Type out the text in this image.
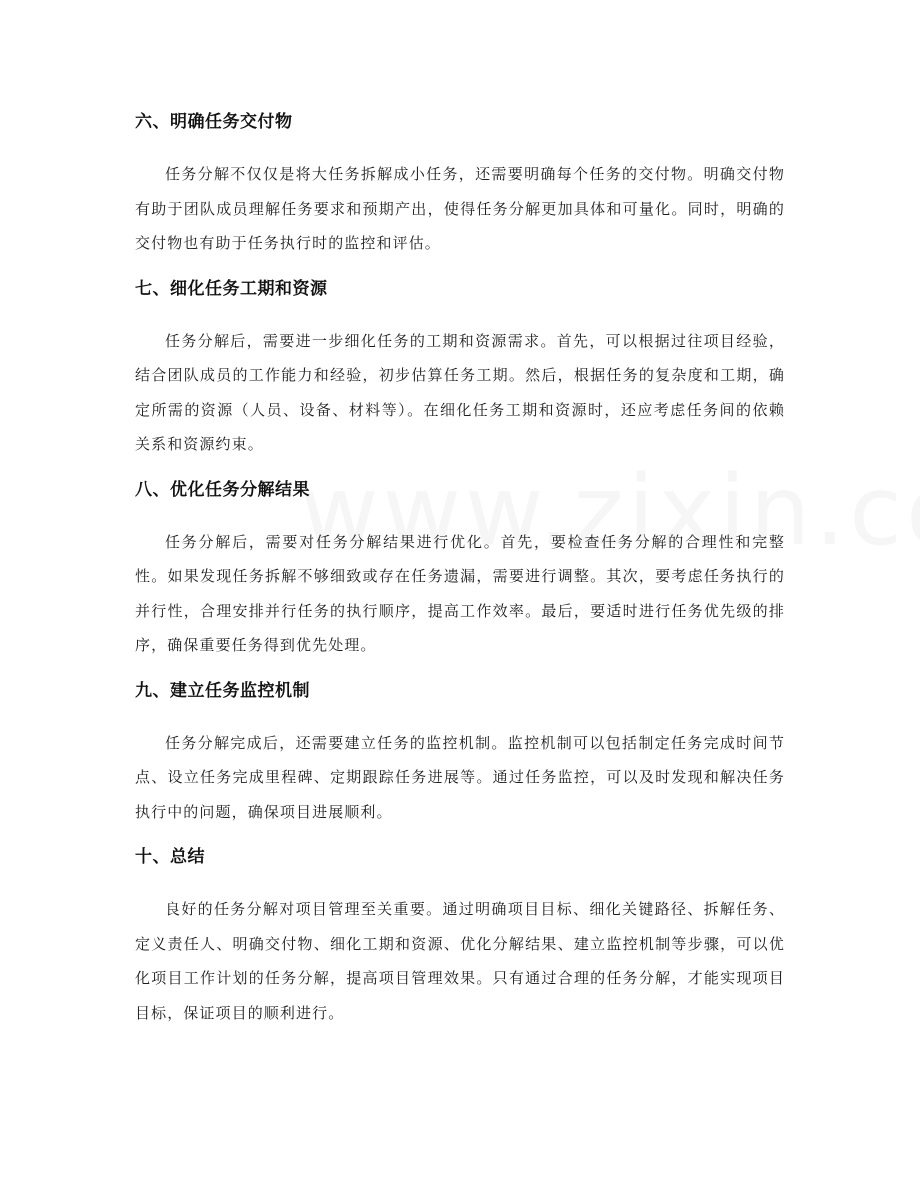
六、明确任务交付物

任务分解不仅仅是将大任务拆解成小任务，还需要明确每个任务的交付物。明确交付物有助于团队成员理解任务要求和预期产出，使得任务分解更加具体和可量化。同时，明确的交付物也有助于任务执行时的监控和评估。

七、细化任务工期和资源

任务分解后，需要进一步细化任务的工期和资源需求。首先，可以根据过往项目经验，结合团队成员的工作能力和经验，初步估算任务工期。然后，根据任务的复杂度和工期，确定所需的资源（人员、设备、材料等）。在细化任务工期和资源时，还应考虑任务间的依赖关系和资源约束。

八、优化任务分解结果

任务分解后，需要对任务分解结果进行优化。首先，要检查任务分解的合理性和完整性。如果发现任务拆解不够细致或存在任务遗漏，需要进行调整。其次，要考虑任务执行的并行性，合理安排并行任务的执行顺序，提高工作效率。最后，要适时进行任务优先级的排序，确保重要任务得到优先处理。

九、建立任务监控机制

任务分解完成后，还需要建立任务的监控机制。监控机制可以包括制定任务完成时间节点、设立任务完成里程碑、定期跟踪任务进展等。通过任务监控，可以及时发现和解决任务执行中的问题，确保项目进展顺利。

十、总结

良好的任务分解对项目管理至关重要。通过明确项目目标、细化关键路径、拆解任务、定义责任人、明确交付物、细化工期和资源、优化分解结果、建立监控机制等步骤，可以优化项目工作计划的任务分解，提高项目管理效果。只有通过合理的任务分解，才能实现项目目标，保证项目的顺利进行。
